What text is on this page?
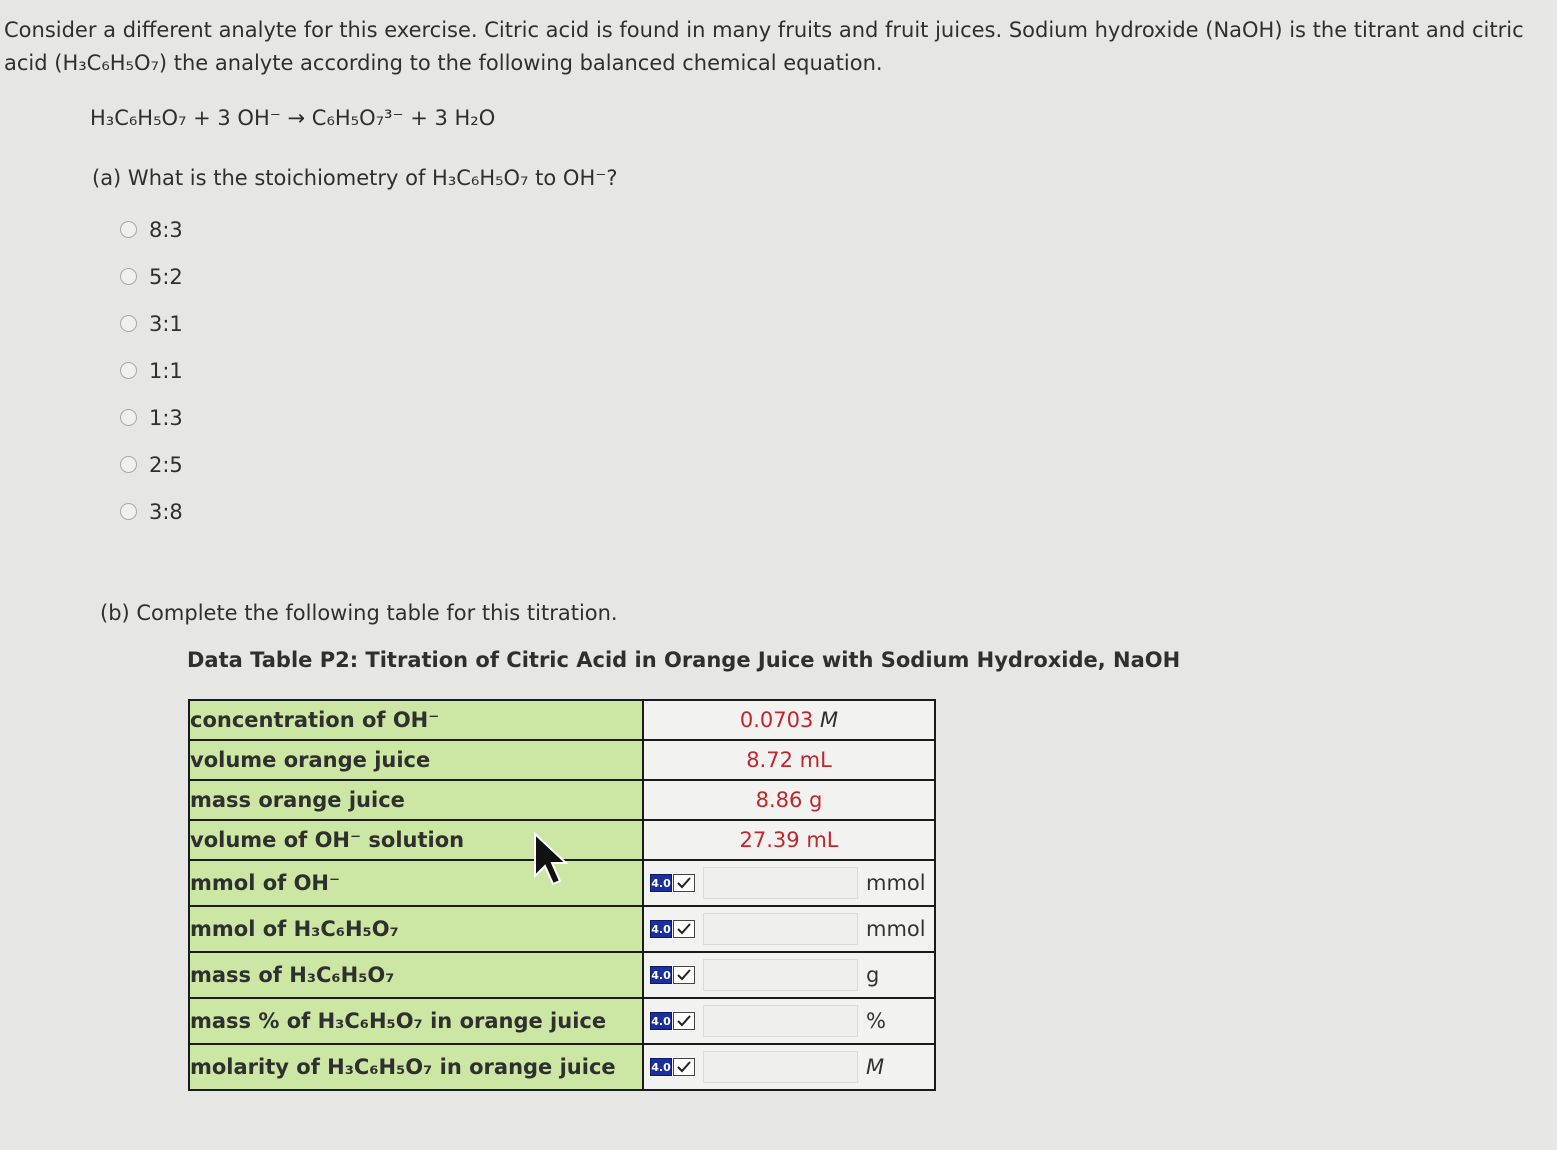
Consider a different analyte for this exercise. Citric acid is found in many fruits and fruit juices. Sodium hydroxide (NaOH) is the titrant and citric acid (H₃C₆H₅O₇) the analyte according to the following balanced chemical equation.
H₃C₆H₅O₇ + 3 OH⁻ → C₆H₅O₇³⁻ + 3 H₂O
(a) What is the stoichiometry of H₃C₆H₅O₇ to OH⁻?
8:3
5:2
3:1
1:1
1:3
2:5
3:8
(b) Complete the following table for this titration.
Data Table P2: Titration of Citric Acid in Orange Juice with Sodium Hydroxide, NaOH
concentration of OH⁻	0.0703 M
volume orange juice	8.72 mL
mass orange juice	8.86 g
volume of OH⁻ solution	27.39 mL
mmol of OH⁻	4.0 mmol

mmol of H₃C₆H₅O₇	4.0 mmol

mass of H₃C₆H₅O₇	4.0 g

mass % of H₃C₆H₅O₇ in orange juice	4.0 %

molarity of H₃C₆H₅O₇ in orange juice	4.0 M
